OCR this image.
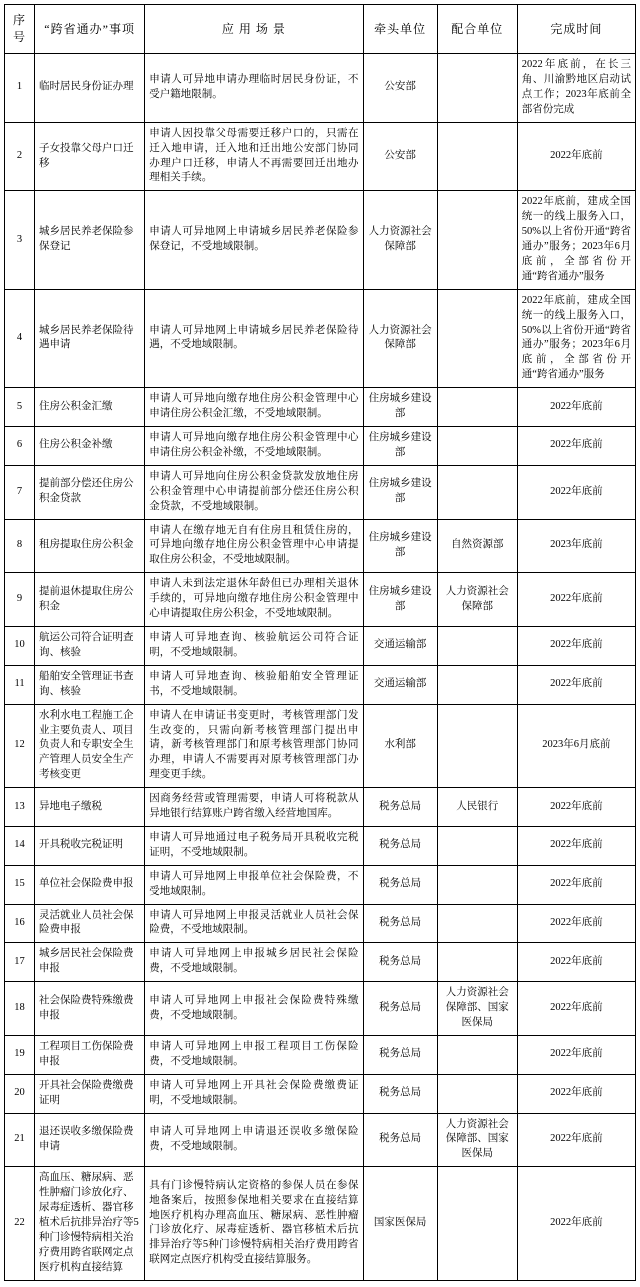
序号	“跨省通办”事项	应 用 场 景	牵头单位	配合单位	完成时间
1	临时居民身份证办理	申请人可异地申请办理临时居民身份证，不受户籍地限制。	公安部		2022年底前，在长三角、川渝黔地区启动试点工作；2023年底前全部省份完成
2	子女投靠父母户口迁移	申请人因投靠父母需要迁移户口的，只需在迁入地申请，迁入地和迁出地公安部门协同办理户口迁移，申请人不再需要回迁出地办理相关手续。	公安部		2022年底前
3	城乡居民养老保险参保登记	申请人可异地网上申请城乡居民养老保险参保登记，不受地域限制。	人力资源社会保障部		2022年底前，建成全国统一的线上服务入口，50%以上省份开通“跨省通办”服务；2023年6月底前，全部省份开通“跨省通办”服务
4	城乡居民养老保险待遇申请	申请人可异地网上申请城乡居民养老保险待遇，不受地域限制。	人力资源社会保障部		2022年底前，建成全国统一的线上服务入口，50%以上省份开通“跨省通办”服务；2023年6月底前，全部省份开通“跨省通办”服务
5	住房公积金汇缴	申请人可异地向缴存地住房公积金管理中心申请住房公积金汇缴，不受地域限制。	住房城乡建设部		2022年底前
6	住房公积金补缴	申请人可异地向缴存地住房公积金管理中心申请住房公积金补缴，不受地域限制。	住房城乡建设部		2022年底前
7	提前部分偿还住房公积金贷款	申请人可异地向住房公积金贷款发放地住房公积金管理中心申请提前部分偿还住房公积金贷款，不受地域限制。	住房城乡建设部		2022年底前
8	租房提取住房公积金	申请人在缴存地无自有住房且租赁住房的，可异地向缴存地住房公积金管理中心申请提取住房公积金，不受地域限制。	住房城乡建设部	自然资源部	2023年底前
9	提前退休提取住房公积金	申请人未到法定退休年龄但已办理相关退休手续的，可异地向缴存地住房公积金管理中心申请提取住房公积金，不受地域限制。	住房城乡建设部	人力资源社会保障部	2022年底前
10	航运公司符合证明查询、核验	申请人可异地查询、核验航运公司符合证明，不受地域限制。	交通运输部		2022年底前
11	船舶安全管理证书查询、核验	申请人可异地查询、核验船舶安全管理证书，不受地域限制。	交通运输部		2022年底前
12	水利水电工程施工企业主要负责人、项目负责人和专职安全生产管理人员安全生产考核变更	申请人在申请证书变更时，考核管理部门发生改变的，只需向新考核管理部门提出申请，新考核管理部门和原考核管理部门协同办理，申请人不需要再对原考核管理部门办理变更手续。	水利部		2023年6月底前
13	异地电子缴税	因商务经营或管理需要，申请人可将税款从异地银行结算账户跨省缴入经营地国库。	税务总局	人民银行	2022年底前
14	开具税收完税证明	申请人可异地通过电子税务局开具税收完税证明，不受地域限制。	税务总局		2022年底前
15	单位社会保险费申报	申请人可异地网上申报单位社会保险费，不受地域限制。	税务总局		2022年底前
16	灵活就业人员社会保险费申报	申请人可异地网上申报灵活就业人员社会保险费，不受地域限制。	税务总局		2022年底前
17	城乡居民社会保险费申报	申请人可异地网上申报城乡居民社会保险费，不受地域限制。	税务总局		2022年底前
18	社会保险费特殊缴费申报	申请人可异地网上申报社会保险费特殊缴费，不受地域限制。	税务总局	人力资源社会保障部、国家医保局	2022年底前
19	工程项目工伤保险费申报	申请人可异地网上申报工程项目工伤保险费，不受地域限制。	税务总局		2022年底前
20	开具社会保险费缴费证明	申请人可异地网上开具社会保险费缴费证明，不受地域限制。	税务总局		2022年底前
21	退还误收多缴保险费申请	申请人可异地网上申请退还误收多缴保险费，不受地域限制。	税务总局	人力资源社会保障部、国家医保局	2022年底前
22	高血压、糖尿病、恶性肿瘤门诊放化疗、尿毒症透析、器官移植术后抗排异治疗等5种门诊慢特病相关治疗费用跨省联网定点医疗机构直接结算	具有门诊慢特病认定资格的参保人员在参保地备案后，按照参保地相关要求在直接结算地医疗机构办理高血压、糖尿病、恶性肿瘤门诊放化疗、尿毒症透析、器官移植术后抗排异治疗等5种门诊慢特病相关治疗费用跨省联网定点医疗机构受直接结算服务。	国家医保局		2022年底前
